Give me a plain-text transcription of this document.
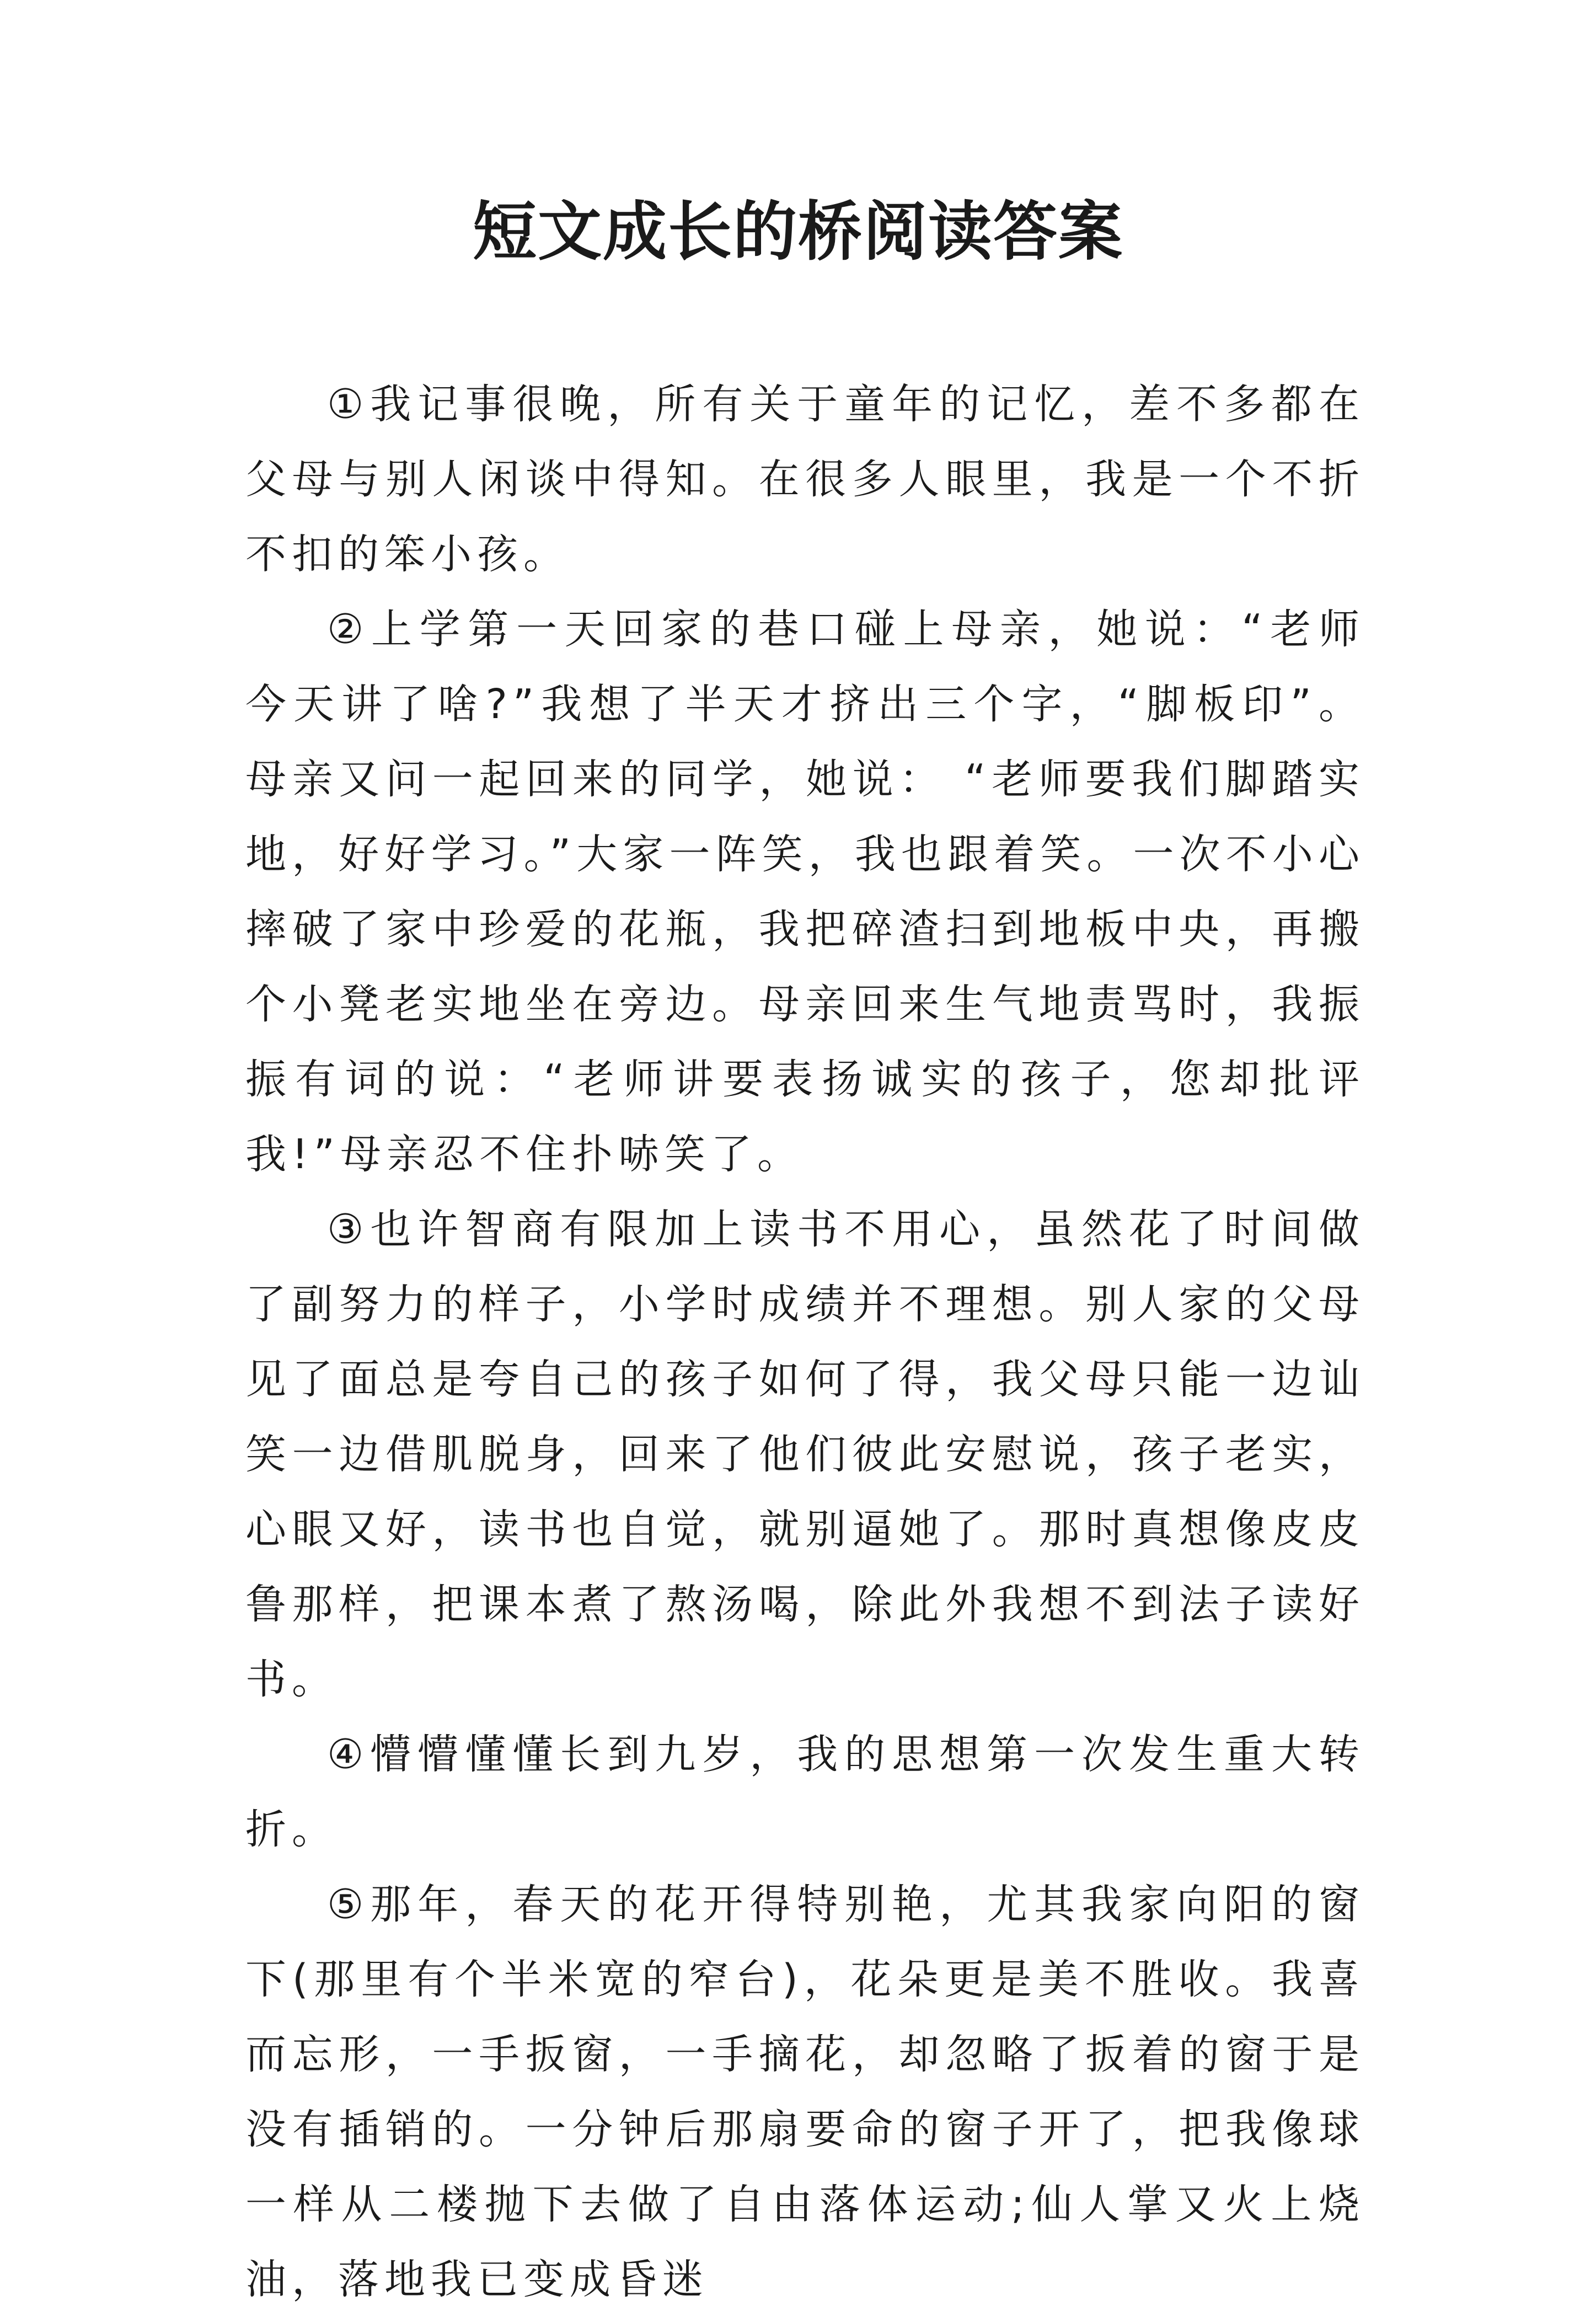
短文成长的桥阅读答案

①我记事很晚，所有关于童年的记忆，差不多都在父母与别人闲谈中得知。在很多人眼里，我是一个不折不扣的笨小孩。

②上学第一天回家的巷口碰上母亲，她说：“老师今天讲了啥?”我想了半天才挤出三个字，“脚板印”。母亲又问一起回来的同学，她说： “老师要我们脚踏实地，好好学习。”大家一阵笑，我也跟着笑。一次不小心摔破了家中珍爱的花瓶，我把碎渣扫到地板中央，再搬个小凳老实地坐在旁边。母亲回来生气地责骂时，我振振有词的说：“老师讲要表扬诚实的孩子，您却批评 我!”母亲忍不住扑哧笑了。

③也许智商有限加上读书不用心，虽然花了时间做了副努力的样子，小学时成绩并不理想。别人家的父母见了面总是夸自己的孩子如何了得，我父母只能一边讪笑一边借肌脱身，回来了他们彼此安慰说，孩子老实，心眼又好，读书也自觉，就别逼她了。那时真想像皮皮鲁那样，把课本煮了熬汤喝，除此外我想不到法子读好书。

④懵懵懂懂长到九岁，我的思想第一次发生重大转折。

⑤那年，春天的花开得特别艳，尤其我家向阳的窗下(那里有个半米宽的窄台)，花朵更是美不胜收。我喜而忘形，一手扳窗，一手摘花，却忽略了扳着的窗于是没有插销的。一分钟后那扇要命的窗子开了，把我像球一样从二楼抛下去做了自由落体运动;仙人掌又火上烧油，落地我已变成昏迷
